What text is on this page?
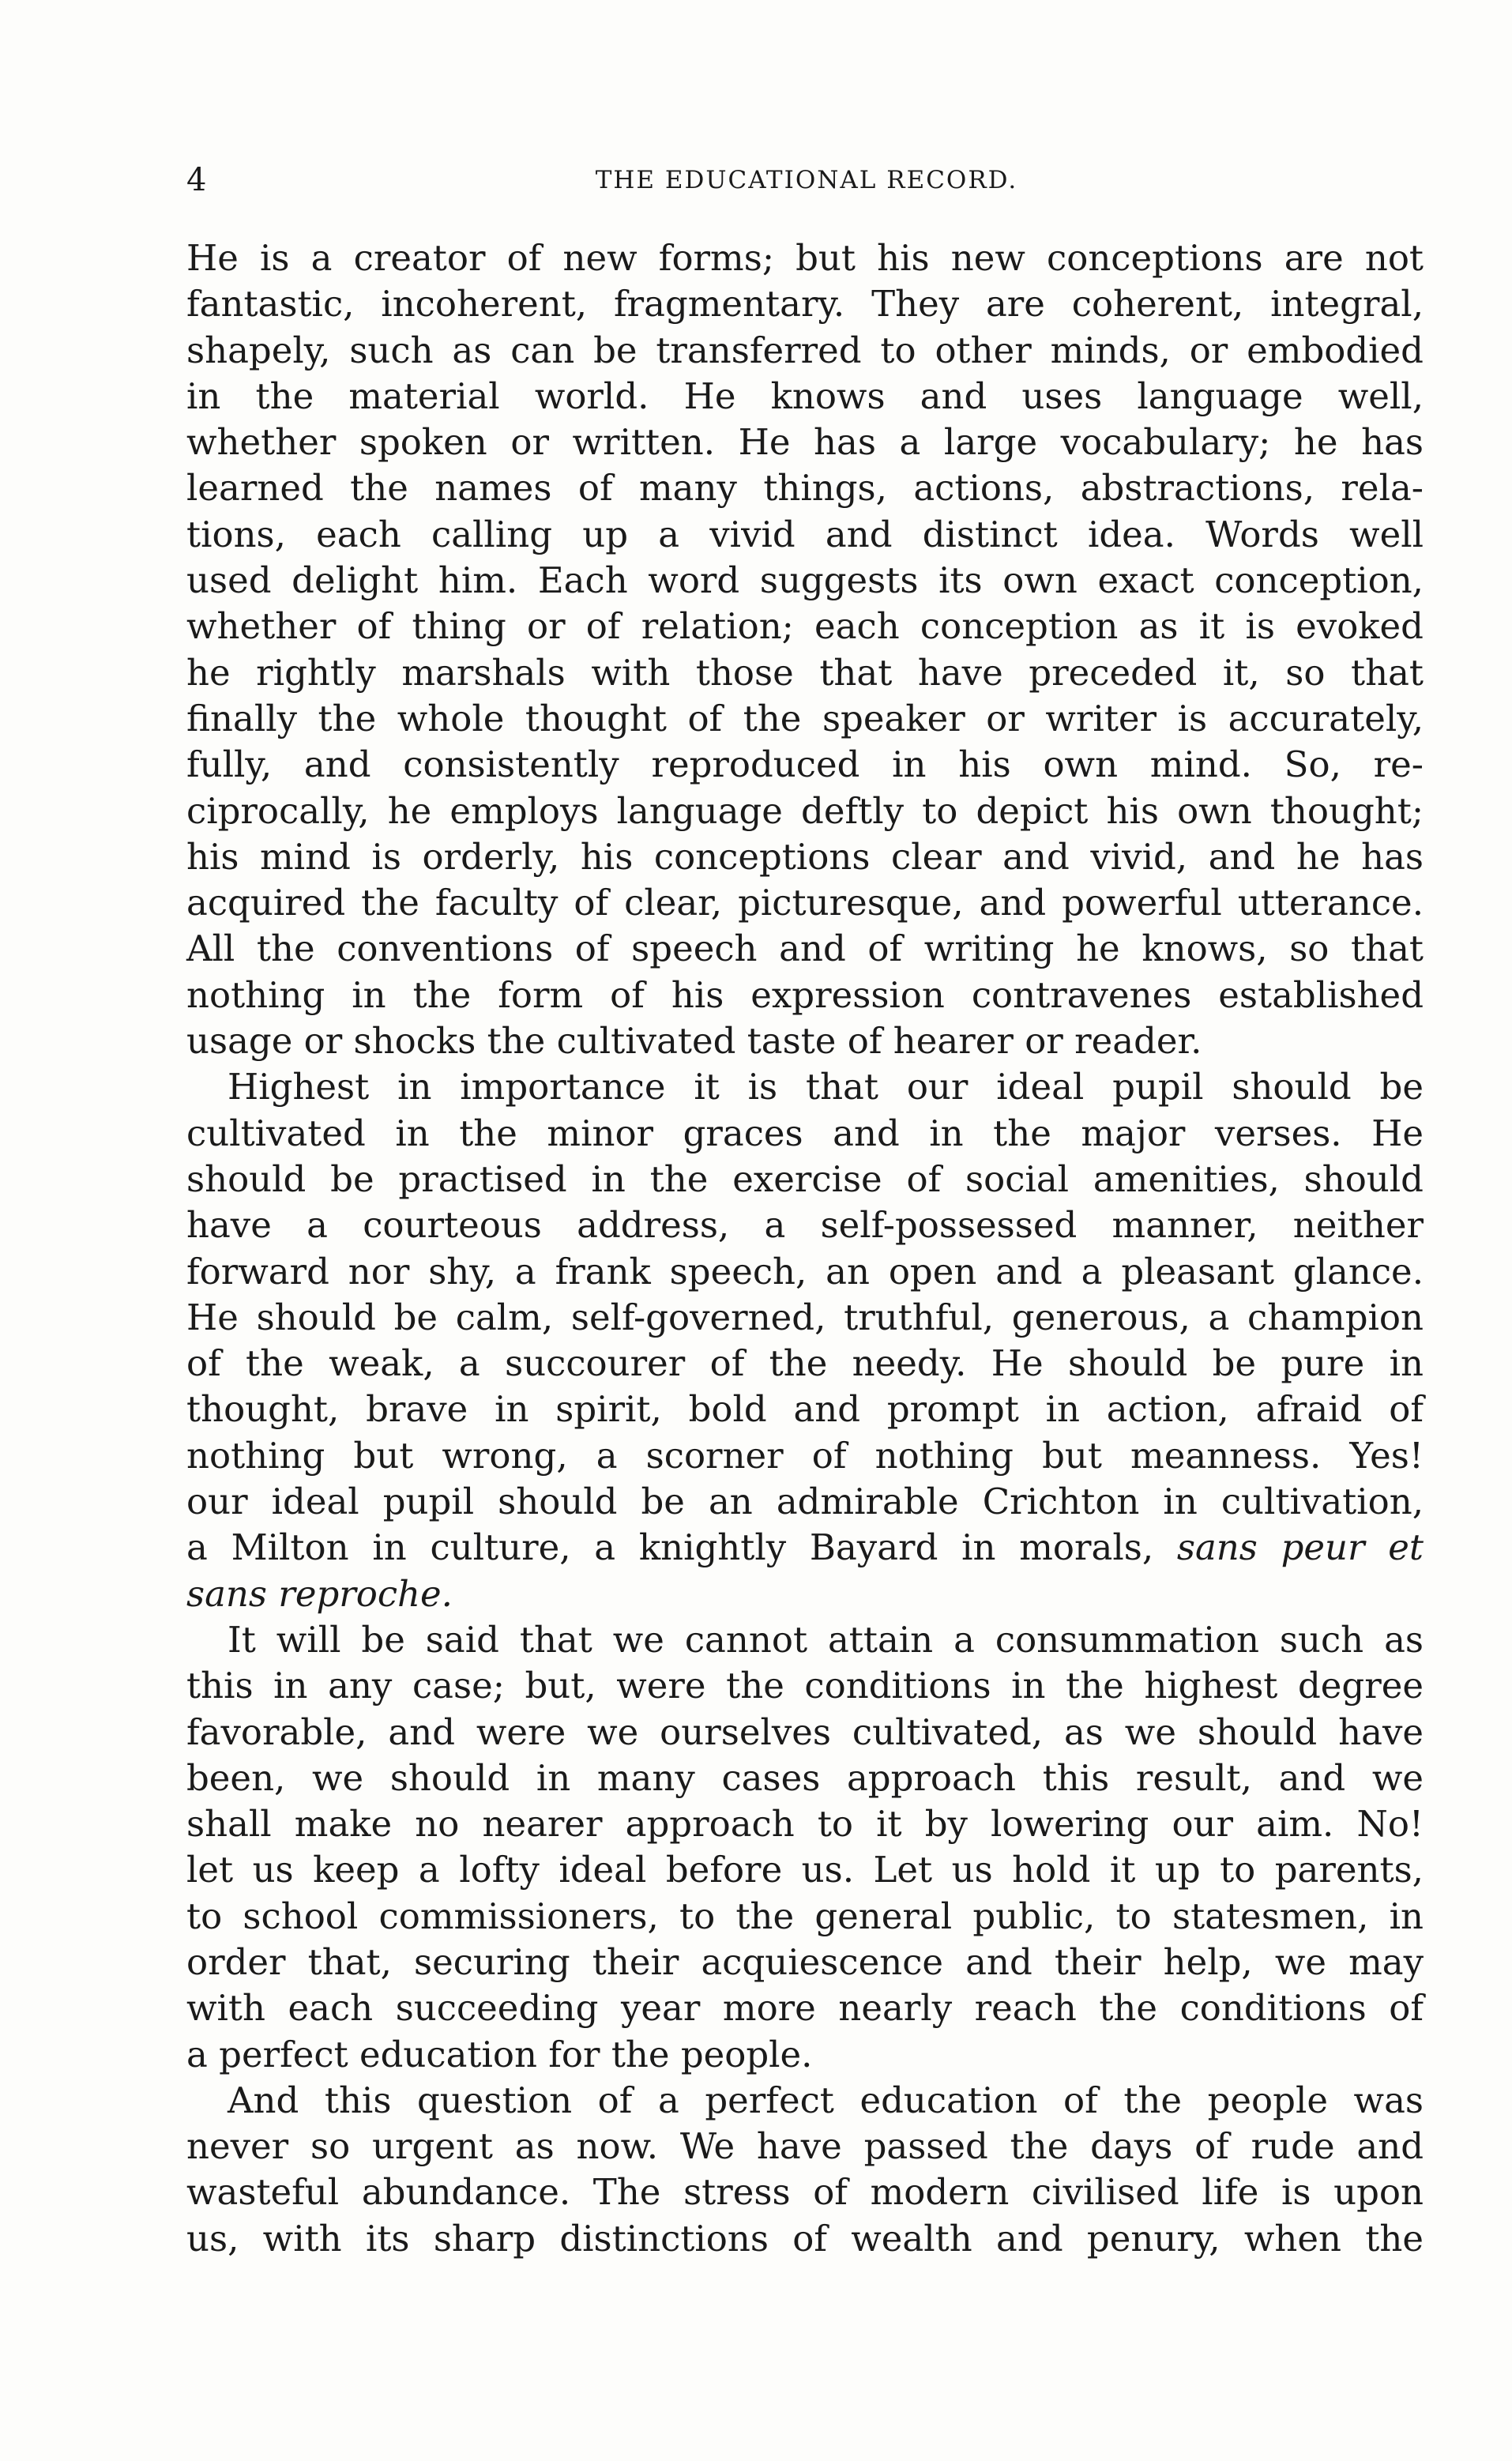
4	THE EDUCATIONAL RECORD.
He is a creator of new forms; but his new conceptions are not
fantastic, incoherent, fragmentary. They are coherent, integral,
shapely, such as can be transferred to other minds, or embodied
in the material world. He knows and uses language well,
whether spoken or written. He has a large vocabulary; he has
learned the names of many things, actions, abstractions, rela-
tions, each calling up a vivid and distinct idea. Words well
used delight him. Each word suggests its own exact conception,
whether of thing or of relation; each conception as it is evoked
he rightly marshals with those that have preceded it, so that
finally the whole thought of the speaker or writer is accurately,
fully, and consistently reproduced in his own mind. So, re-
ciprocally, he employs language deftly to depict his own thought;
his mind is orderly, his conceptions clear and vivid, and he has
acquired the faculty of clear, picturesque, and powerful utterance.
All the conventions of speech and of writing he knows, so that
nothing in the form of his expression contravenes established
usage or shocks the cultivated taste of hearer or reader.
Highest in importance it is that our ideal pupil should be
cultivated in the minor graces and in the major verses. He
should be practised in the exercise of social amenities, should
have a courteous address, a self-possessed manner, neither
forward nor shy, a frank speech, an open and a pleasant glance.
He should be calm, self-governed, truthful, generous, a champion
of the weak, a succourer of the needy. He should be pure in
thought, brave in spirit, bold and prompt in action, afraid of
nothing but wrong, a scorner of nothing but meanness. Yes!
our ideal pupil should be an admirable Crichton in cultivation,
a Milton in culture, a knightly Bayard in morals, sans peur et
sans reproche.
It will be said that we cannot attain a consummation such as
this in any case; but, were the conditions in the highest degree
favorable, and were we ourselves cultivated, as we should have
been, we should in many cases approach this result, and we
shall make no nearer approach to it by lowering our aim. No!
let us keep a lofty ideal before us. Let us hold it up to parents,
to school commissioners, to the general public, to statesmen, in
order that, securing their acquiescence and their help, we may
with each succeeding year more nearly reach the conditions of
a perfect education for the people.
And this question of a perfect education of the people was
never so urgent as now. We have passed the days of rude and
wasteful abundance. The stress of modern civilised life is upon
us, with its sharp distinctions of wealth and penury, when the
